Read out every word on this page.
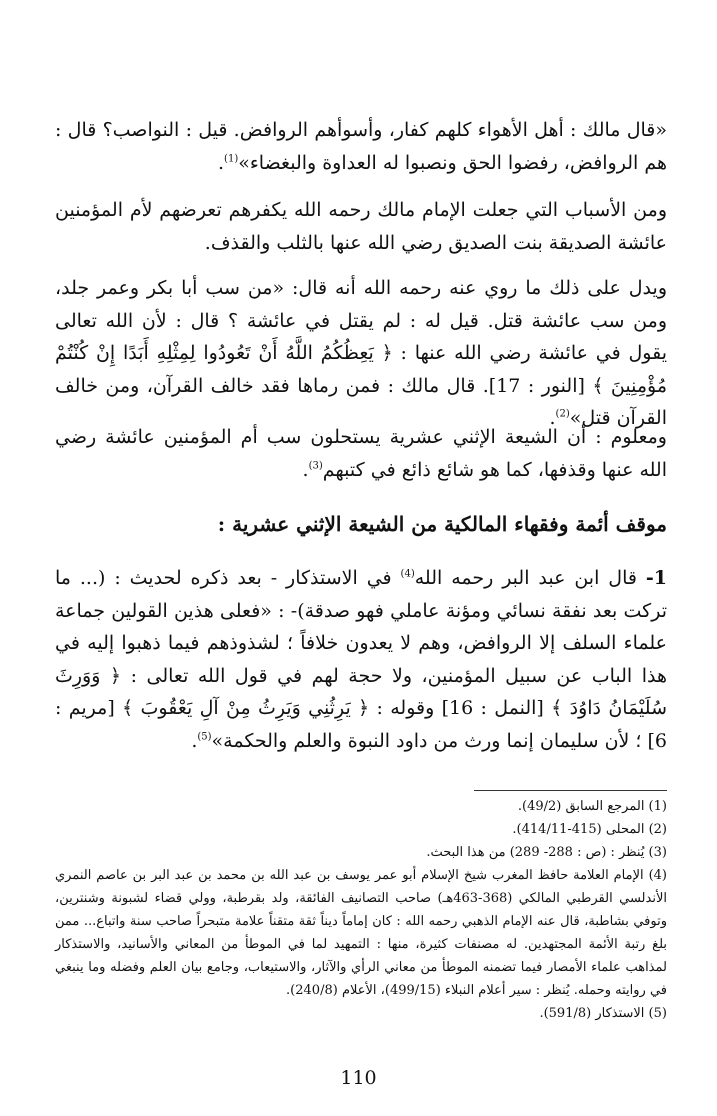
«قال مالك : أهل الأهواء كلهم كفار، وأسوأهم الروافض. قيل : النواصب؟ قال : هم الروافض، رفضوا الحق ونصبوا له العداوة والبغضاء»$^{(1)}$.

ومن الأسباب التي جعلت الإمام مالك رحمه الله يكفرهم تعرضهم لأم المؤمنين عائشة الصديقة بنت الصديق رضي الله عنها بالثلب والقذف.

ويدل على ذلك ما روي عنه رحمه الله أنه قال: «من سب أبا بكر وعمر جلد، ومن سب عائشة قتل. قيل له : لم يقتل في عائشة ؟ قال : لأن الله تعالى يقول في عائشة رضي الله عنها : ﴿ يَعِظُكُمُ اللَّهُ أَنْ تَعُودُوا لِمِثْلِهِ أَبَدًا إِنْ كُنْتُمْ مُؤْمِنِينَ ﴾ [النور : 17]. قال مالك : فمن رماها فقد خالف القرآن، ومن خالف القرآن قتل»$^{(2)}$.

ومعلوم : أن الشيعة الإثني عشرية يستحلون سب أم المؤمنين عائشة رضي الله عنها وقذفها، كما هو شائع ذائع في كتبهم$^{(3)}$.

موقف أئمة وفقهاء المالكية من الشيعة الإثني عشرية :

1- قال ابن عبد البر رحمه الله$^{(4)}$ في الاستذكار - بعد ذكره لحديث : (... ما تركت بعد نفقة نسائي ومؤنة عاملي فهو صدقة)- : «فعلى هذين القولين جماعة علماء السلف إلا الروافض، وهم لا يعدون خلافاً ؛ لشذوذهم فيما ذهبوا إليه في هذا الباب عن سبيل المؤمنين، ولا حجة لهم في قول الله تعالى : ﴿ وَوَرِثَ سُلَيْمَانُ دَاوُدَ ﴾ [النمل : 16] وقوله : ﴿ يَرِثُنِي وَيَرِثُ مِنْ آلِ يَعْقُوبَ ﴾ [مريم : 6] ؛ لأن سليمان إنما ورث من داود النبوة والعلم والحكمة»$^{(5)}$.

(1) المرجع السابق (49/2).

(2) المحلى (415-414/11).

(3) يُنظر : (ص : 288- 289) من هذا البحث.

(4) الإمام العلامة حافظ المغرب شيخ الإسلام أبو عمر يوسف بن عبد الله بن محمد بن عبد البر بن عاصم النمري الأندلسي القرطبي المالكي (368-463هـ) صاحب التصانيف الفائقة، ولد بقرطبة، وولي قضاء لشبونة وشنترين، وتوفي بشاطبة، قال عنه الإمام الذهبي رحمه الله : كان إماماً ديناً ثقة متقناً علامة متبحراً صاحب سنة واتباع... ممن بلغ رتبة الأئمة المجتهدين. له مصنفات كثيرة، منها : التمهيد لما في الموطأ من المعاني والأسانيد، والاستذكار لمذاهب علماء الأمصار فيما تضمنه الموطأ من معاني الرأي والآثار، والاستيعاب، وجامع بيان العلم وفضله وما ينبغي في روايته وحمله. يُنظر : سير أعلام النبلاء (499/15)، الأعلام (240/8).

(5) الاستذكار (591/8).

110
